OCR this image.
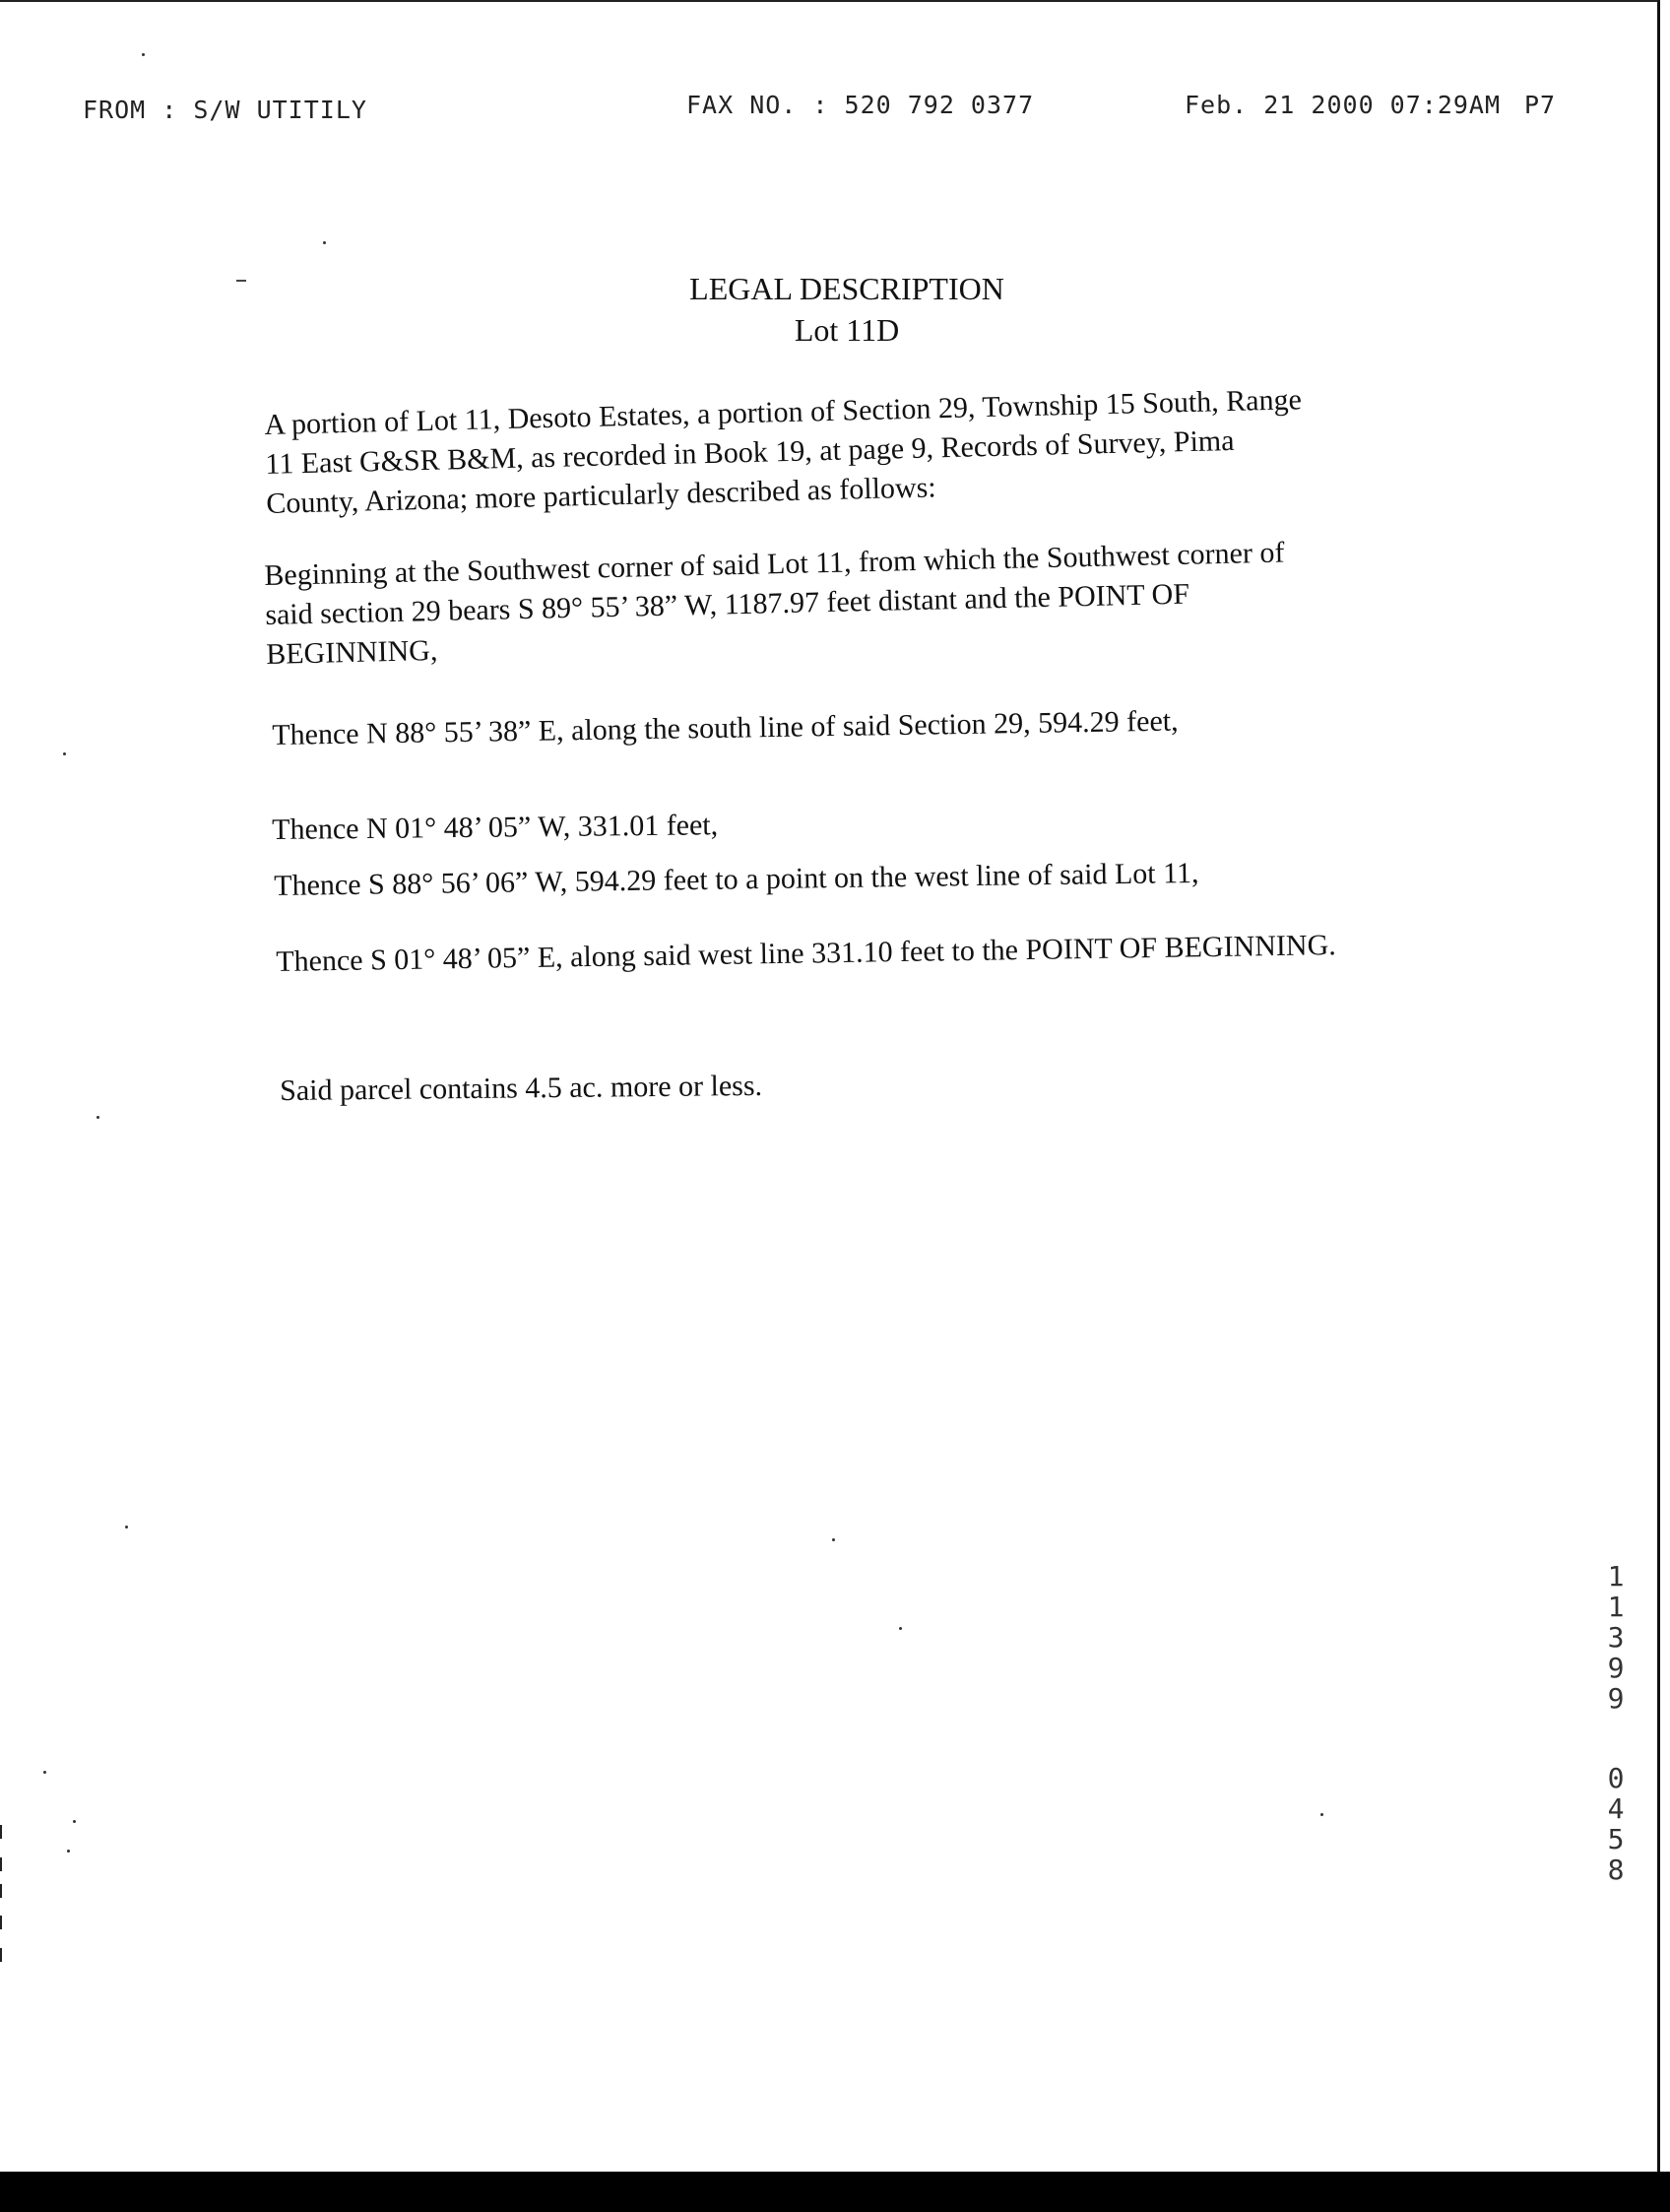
FROM : S/W UTITILY	FAX NO. : 520 792 0377	Feb. 21 2000 07:29AM P7
LEGAL DESCRIPTION
Lot 11D
A portion of Lot 11, Desoto Estates, a portion of Section 29, Township 15 South, Range
11 East G&SR B&M, as recorded in Book 19, at page 9, Records of Survey, Pima
County, Arizona; more particularly described as follows:
Beginning at the Southwest corner of said Lot 11, from which the Southwest corner of
said section 29 bears S 89° 55’ 38” W, 1187.97 feet distant and the POINT OF
BEGINNING,
Thence N 88° 55’ 38” E, along the south line of said Section 29, 594.29 feet,
Thence N 01° 48’ 05” W, 331.01 feet,
Thence S 88° 56’ 06” W, 594.29 feet to a point on the west line of said Lot 11,
Thence S 01° 48’ 05” E, along said west line 331.10 feet to the POINT OF BEGINNING.
Said parcel contains 4.5 ac. more or less.
11399
0458
